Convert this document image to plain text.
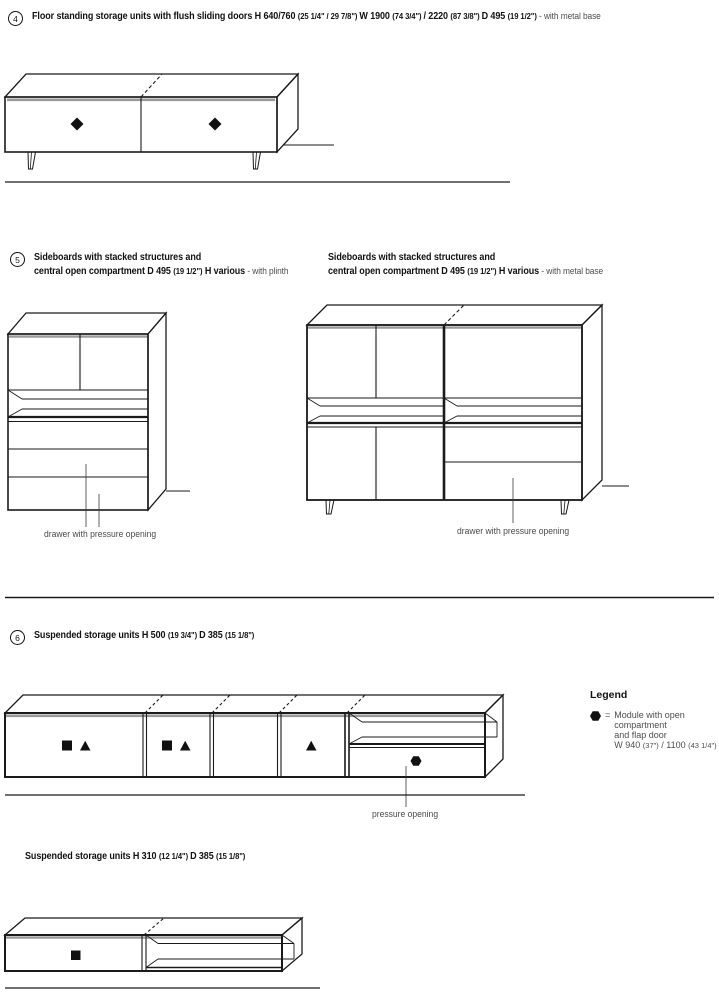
4	Floor standing storage units with flush sliding doors H 640/760 (25 1/4" / 29 7/8") W 1900 (74 3/4") / 2220 (87 3/8") D 495 (19 1/2") - with metal base
5	Sideboards with stacked structures and
central open compartment D 495 (19 1/2") H various - with plinth
Sideboards with stacked structures and
central open compartment D 495 (19 1/2") H various - with metal base
6	Suspended storage units H 500 (19 3/4") D 385 (15 1/8")
Suspended storage units H 310 (12 1/4") D 385 (15 1/8")
drawer with pressure opening	drawer with pressure opening
pressure opening
Legend
= Module with open
compartment
and flap door
W 940 (37") / 1100 (43 1/4")
